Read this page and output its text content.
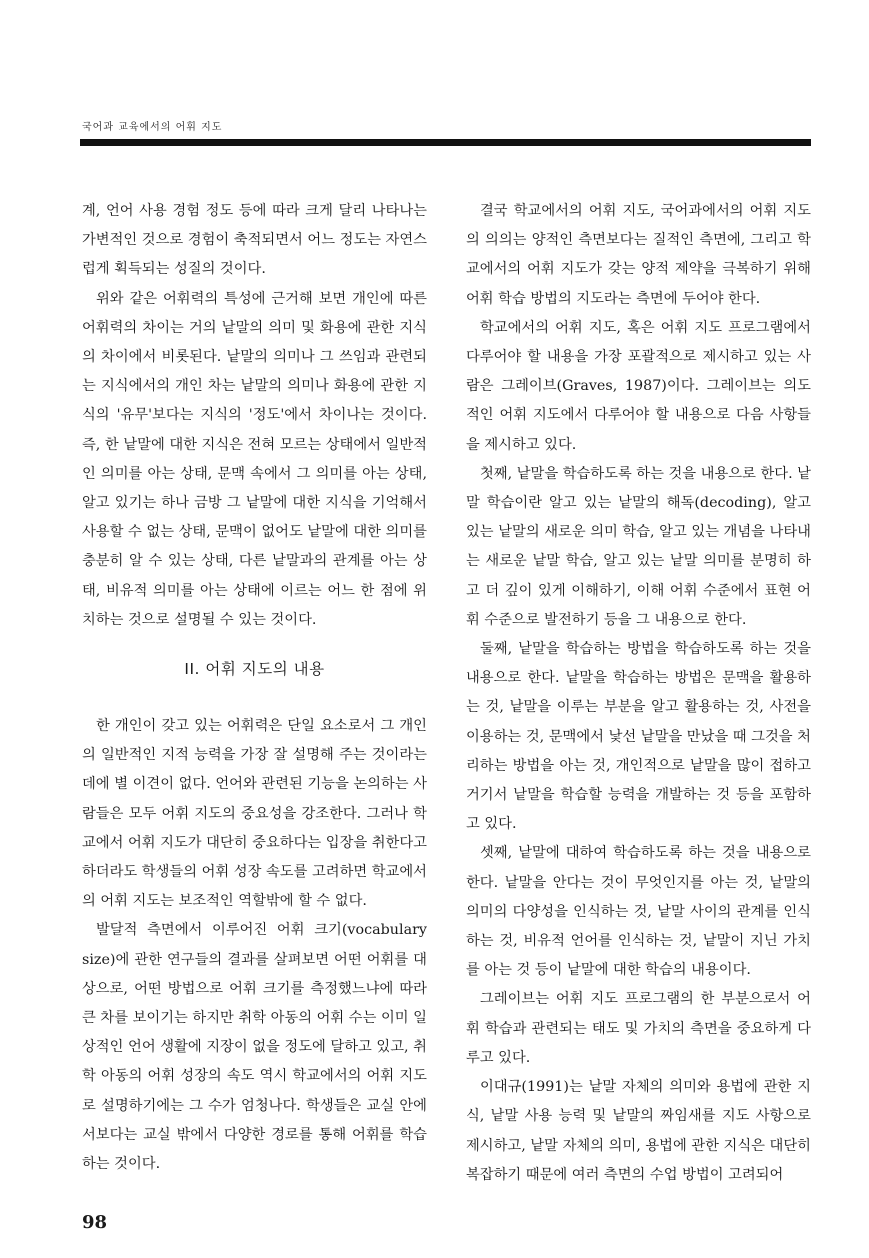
국어과 교육에서의 어휘 지도

계, 언어 사용 경험 정도 등에 따라 크게 달리 나타나는 가변적인 것으로 경험이 축적되면서 어느 정도는 자연스럽게 획득되는 성질의 것이다.

위와 같은 어휘력의 특성에 근거해 보면 개인에 따른 어휘력의 차이는 거의 낱말의 의미 및 화용에 관한 지식의 차이에서 비롯된다. 낱말의 의미나 그 쓰임과 관련되는 지식에서의 개인 차는 낱말의 의미나 화용에 관한 지식의 '유무'보다는 지식의 '정도'에서 차이나는 것이다. 즉, 한 낱말에 대한 지식은 전혀 모르는 상태에서 일반적인 의미를 아는 상태, 문맥 속에서 그 의미를 아는 상태, 알고 있기는 하나 금방 그 낱말에 대한 지식을 기억해서 사용할 수 없는 상태, 문맥이 없어도 낱말에 대한 의미를 충분히 알 수 있는 상태, 다른 낱말과의 관계를 아는 상태, 비유적 의미를 아는 상태에 이르는 어느 한 점에 위치하는 것으로 설명될 수 있는 것이다.

II. 어휘 지도의 내용

한 개인이 갖고 있는 어휘력은 단일 요소로서 그 개인의 일반적인 지적 능력을 가장 잘 설명해 주는 것이라는 데에 별 이견이 없다. 언어와 관련된 기능을 논의하는 사람들은 모두 어휘 지도의 중요성을 강조한다. 그러나 학교에서 어휘 지도가 대단히 중요하다는 입장을 취한다고 하더라도 학생들의 어휘 성장 속도를 고려하면 학교에서의 어휘 지도는 보조적인 역할밖에 할 수 없다.

발달적 측면에서 이루어진 어휘 크기(vocabulary size)에 관한 연구들의 결과를 살펴보면 어떤 어휘를 대상으로, 어떤 방법으로 어휘 크기를 측정했느냐에 따라 큰 차를 보이기는 하지만 취학 아동의 어휘 수는 이미 일상적인 언어 생활에 지장이 없을 정도에 달하고 있고, 취학 아동의 어휘 성장의 속도 역시 학교에서의 어휘 지도로 설명하기에는 그 수가 엄청나다. 학생들은 교실 안에서보다는 교실 밖에서 다양한 경로를 통해 어휘를 학습하는 것이다.

결국 학교에서의 어휘 지도, 국어과에서의 어휘 지도의 의의는 양적인 측면보다는 질적인 측면에, 그리고 학교에서의 어휘 지도가 갖는 양적 제약을 극복하기 위해 어휘 학습 방법의 지도라는 측면에 두어야 한다.

학교에서의 어휘 지도, 혹은 어휘 지도 프로그램에서 다루어야 할 내용을 가장 포괄적으로 제시하고 있는 사람은 그레이브(Graves, 1987)이다. 그레이브는 의도적인 어휘 지도에서 다루어야 할 내용으로 다음 사항들을 제시하고 있다.

첫째, 낱말을 학습하도록 하는 것을 내용으로 한다. 낱말 학습이란 알고 있는 낱말의 해독(decoding), 알고 있는 낱말의 새로운 의미 학습, 알고 있는 개념을 나타내는 새로운 낱말 학습, 알고 있는 낱말 의미를 분명히 하고 더 깊이 있게 이해하기, 이해 어휘 수준에서 표현 어휘 수준으로 발전하기 등을 그 내용으로 한다.

둘째, 낱말을 학습하는 방법을 학습하도록 하는 것을 내용으로 한다. 낱말을 학습하는 방법은 문맥을 활용하는 것, 낱말을 이루는 부분을 알고 활용하는 것, 사전을 이용하는 것, 문맥에서 낯선 낱말을 만났을 때 그것을 처리하는 방법을 아는 것, 개인적으로 낱말을 많이 접하고 거기서 낱말을 학습할 능력을 개발하는 것 등을 포함하고 있다.

셋째, 낱말에 대하여 학습하도록 하는 것을 내용으로 한다. 낱말을 안다는 것이 무엇인지를 아는 것, 낱말의 의미의 다양성을 인식하는 것, 낱말 사이의 관계를 인식하는 것, 비유적 언어를 인식하는 것, 낱말이 지닌 가치를 아는 것 등이 낱말에 대한 학습의 내용이다.

그레이브는 어휘 지도 프로그램의 한 부분으로서 어휘 학습과 관련되는 태도 및 가치의 측면을 중요하게 다루고 있다.

이대규(1991)는 낱말 자체의 의미와 용법에 관한 지식, 낱말 사용 능력 및 낱말의 짜임새를 지도 사항으로 제시하고, 낱말 자체의 의미, 용법에 관한 지식은 대단히 복잡하기 때문에 여러 측면의 수업 방법이 고려되어

98
